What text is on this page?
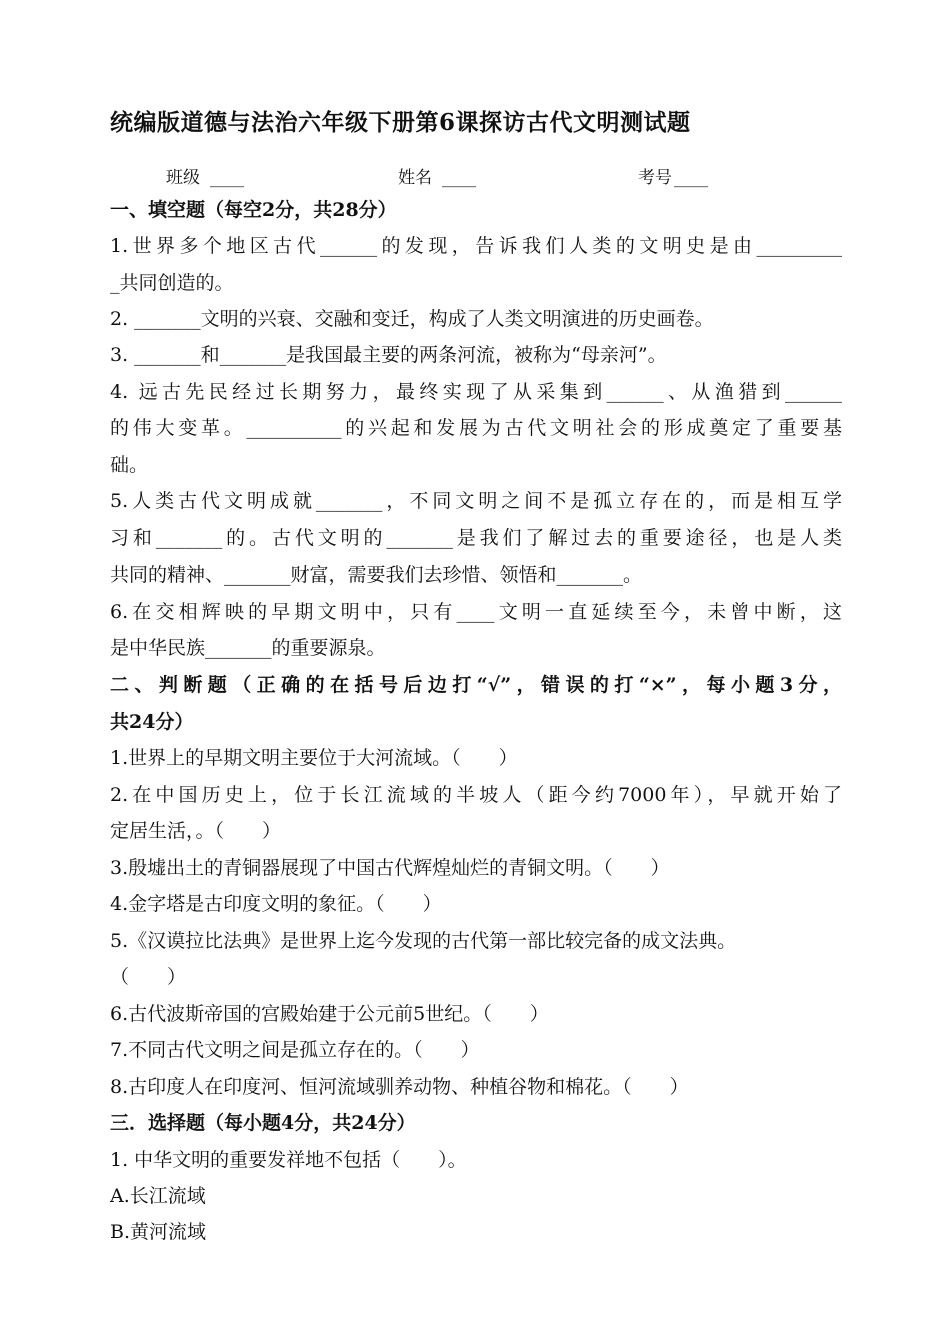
统编版道德与法治六年级下册第6课探访古代文明测试题
班级 ____	姓名 ____	考号 ____
一、填空题（每空2分，共28分）
1.世界多个地区古代______的发现，告诉我们人类的文明史是由_________
_共同创造的。
2. _______文明的兴衰、交融和变迁，构成了人类文明演进的历史画卷。
3. _______和_______是我国最主要的两条河流，被称为“母亲河”。
4. 远古先民经过长期努力，最终实现了从采集到______、从渔猎到______
的伟大变革。__________的兴起和发展为古代文明社会的形成奠定了重要基
础。
5.人类古代文明成就_______，不同文明之间不是孤立存在的，而是相互学
习和_______的。古代文明的_______是我们了解过去的重要途径，也是人类
共同的精神、_______财富，需要我们去珍惜、领悟和_______。
6.在交相辉映的早期文明中，只有____文明一直延续至今，未曾中断，这
是中华民族_______的重要源泉。
二、判断题（正确的在括号后边打“√”，错误的打“×”，每小题3分，
共24分）
1.世界上的早期文明主要位于大河流域。（　　）
2.在中国历史上，位于长江流域的半坡人（距今约7000年），早就开始了
定居生活，。（　　）
3.殷墟出土的青铜器展现了中国古代辉煌灿烂的青铜文明。（　　）
4.金字塔是古印度文明的象征。（　　）
5.《汉谟拉比法典》是世界上迄今发现的古代第一部比较完备的成文法典。
（　　）
6.古代波斯帝国的宫殿始建于公元前5世纪。（　　）
7.不同古代文明之间是孤立存在的。（　　）
8.古印度人在印度河、恒河流域驯养动物、种植谷物和棉花。（　　）
三．选择题（每小题4分，共24分）
1. 中华文明的重要发祥地不包括（　　）。
A.长江流域
B.黄河流域
